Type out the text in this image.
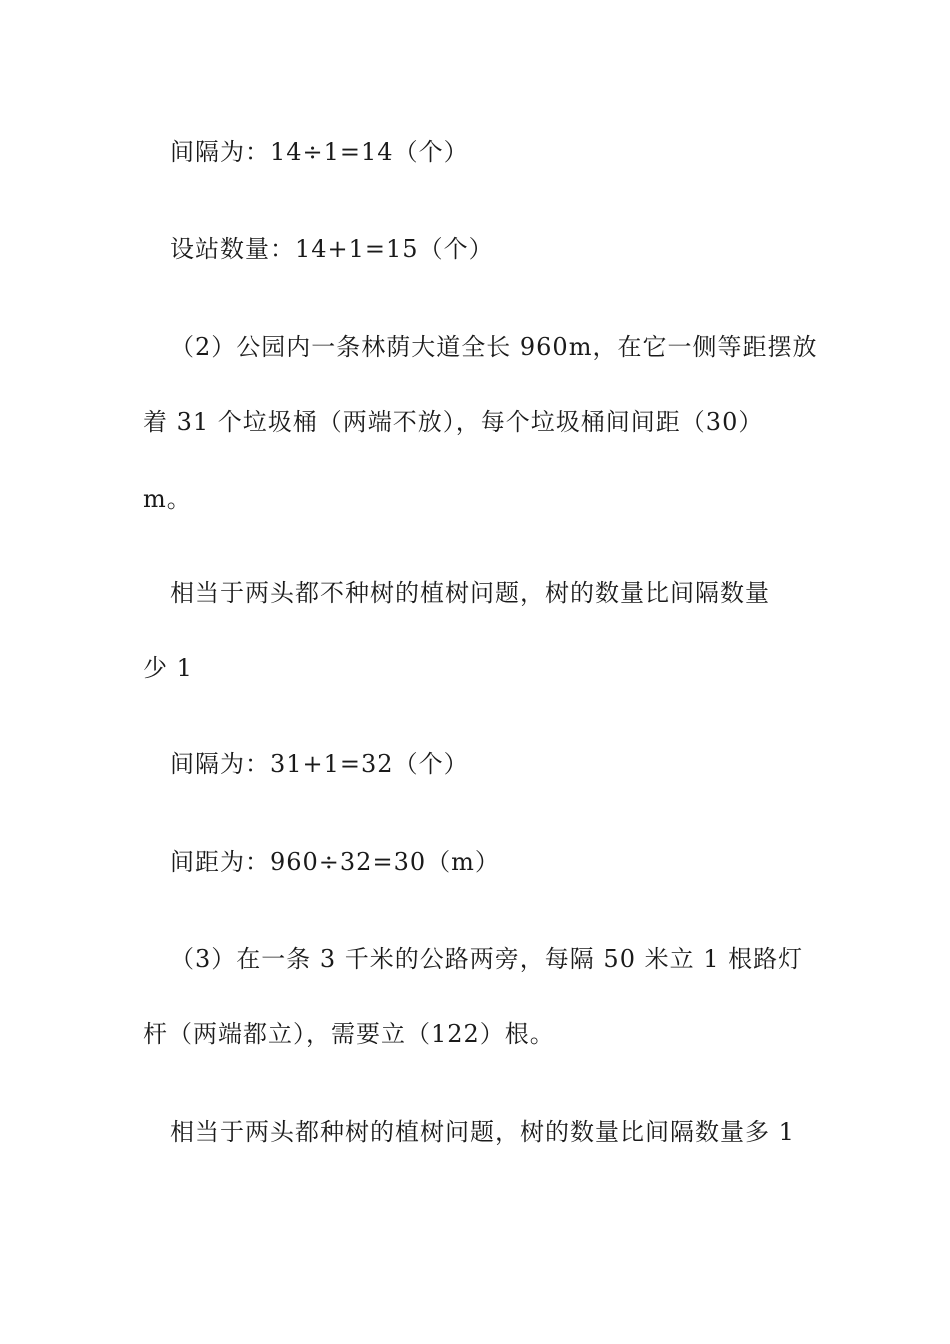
间隔为：14÷1=14（个）
设站数量：14+1=15（个）
（2）公园内一条林荫大道全长 960m，在它一侧等距摆放
着 31 个垃圾桶（两端不放），每个垃圾桶间间距（30）
m。
相当于两头都不种树的植树问题，树的数量比间隔数量
少 1
间隔为：31+1=32（个）
间距为：960÷32=30（m）
（3）在一条 3 千米的公路两旁，每隔 50 米立 1 根路灯
杆（两端都立），需要立（122）根。
相当于两头都种树的植树问题，树的数量比间隔数量多 1
